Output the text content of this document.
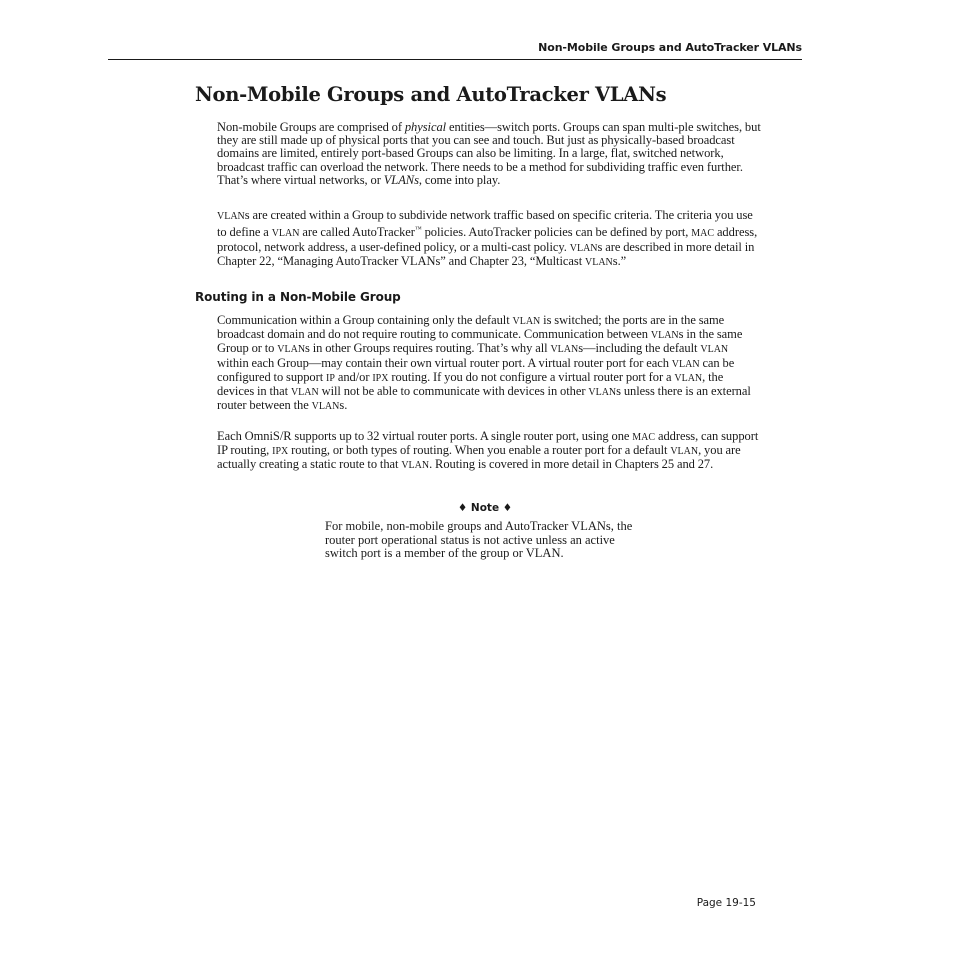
Non-Mobile Groups and AutoTracker VLANs
Non-Mobile Groups and AutoTracker VLANs

Non-mobile Groups are comprised of physical entities—switch ports. Groups can span multi-ple switches, but they are still made up of physical ports that you can see and touch. But just as physically-based broadcast domains are limited, entirely port-based Groups can also be limiting. In a large, flat, switched network, broadcast traffic can overload the network. There needs to be a method for subdividing traffic even further. That’s where virtual networks, or VLANs, come into play.

VLANs are created within a Group to subdivide network traffic based on specific criteria. The criteria you use to define a VLAN are called AutoTracker™ policies. AutoTracker policies can be defined by port, MAC address, protocol, network address, a user-defined policy, or a multi-cast policy. VLANs are described in more detail in Chapter 22, “Managing AutoTracker VLANs” and Chapter 23, “Multicast VLANs.”

Routing in a Non-Mobile Group

Communication within a Group containing only the default VLAN is switched; the ports are in the same broadcast domain and do not require routing to communicate. Communication between VLANs in the same Group or to VLANs in other Groups requires routing. That’s why all VLANs—including the default VLAN within each Group—may contain their own virtual router port. A virtual router port for each VLAN can be configured to support IP and/or IPX routing. If you do not configure a virtual router port for a VLAN, the devices in that VLAN will not be able to communicate with devices in other VLANs unless there is an external router between the VLANs.

Each OmniS/R supports up to 32 virtual router ports. A single router port, using one MAC address, can support IP routing, IPX routing, or both types of routing. When you enable a router port for a default VLAN, you are actually creating a static route to that VLAN. Routing is covered in more detail in Chapters 25 and 27.

♦ Note ♦

For mobile, non-mobile groups and AutoTracker VLANs, the router port operational status is not active unless an active switch port is a member of the group or VLAN.

Page 19-15
